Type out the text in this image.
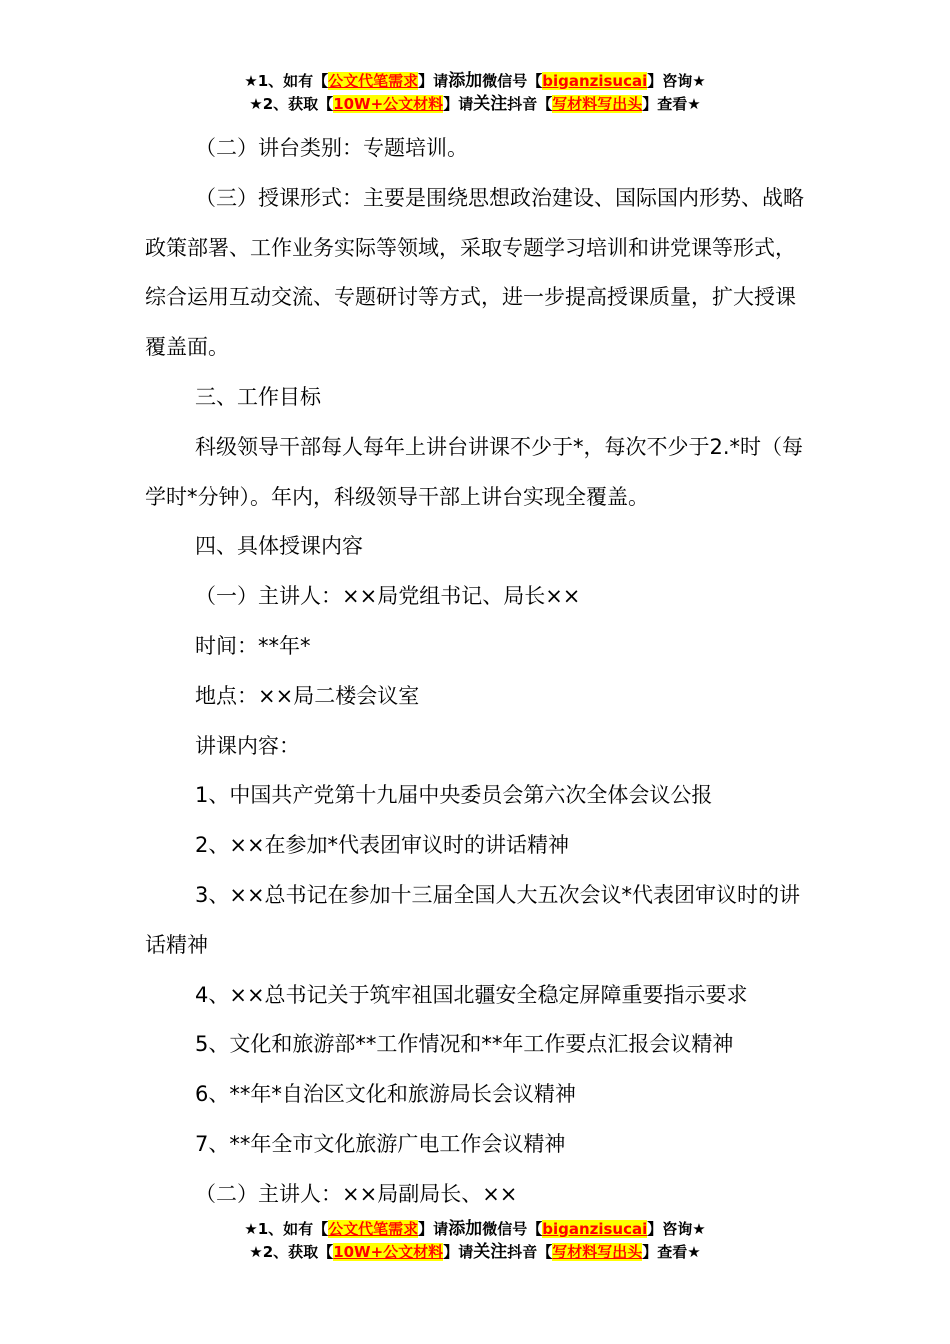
★1、如有【公文代笔需求】请添加微信号【biganzisucai】咨询★
★2、获取【10W+公文材料】请关注抖音【写材料写出头】查看★

（二）讲台类别：专题培训。

（三）授课形式：主要是围绕思想政治建设、国际国内形势、战略政策部署、工作业务实际等领域，采取专题学习培训和讲党课等形式，综合运用互动交流、专题研讨等方式，进一步提高授课质量，扩大授课覆盖面。

三、工作目标

科级领导干部每人每年上讲台讲课不少于*，每次不少于2.*时（每学时*分钟）。年内，科级领导干部上讲台实现全覆盖。

四、具体授课内容

（一）主讲人：××局党组书记、局长××

时间：**年*

地点：××局二楼会议室

讲课内容：

1、中国共产党第十九届中央委员会第六次全体会议公报

2、××在参加*代表团审议时的讲话精神

3、××总书记在参加十三届全国人大五次会议*代表团审议时的讲话精神

4、××总书记关于筑牢祖国北疆安全稳定屏障重要指示要求

5、文化和旅游部**工作情况和**年工作要点汇报会议精神

6、**年*自治区文化和旅游局长会议精神

7、**年全市文化旅游广电工作会议精神

（二）主讲人：××局副局长、××

★1、如有【公文代笔需求】请添加微信号【biganzisucai】咨询★
★2、获取【10W+公文材料】请关注抖音【写材料写出头】查看★
